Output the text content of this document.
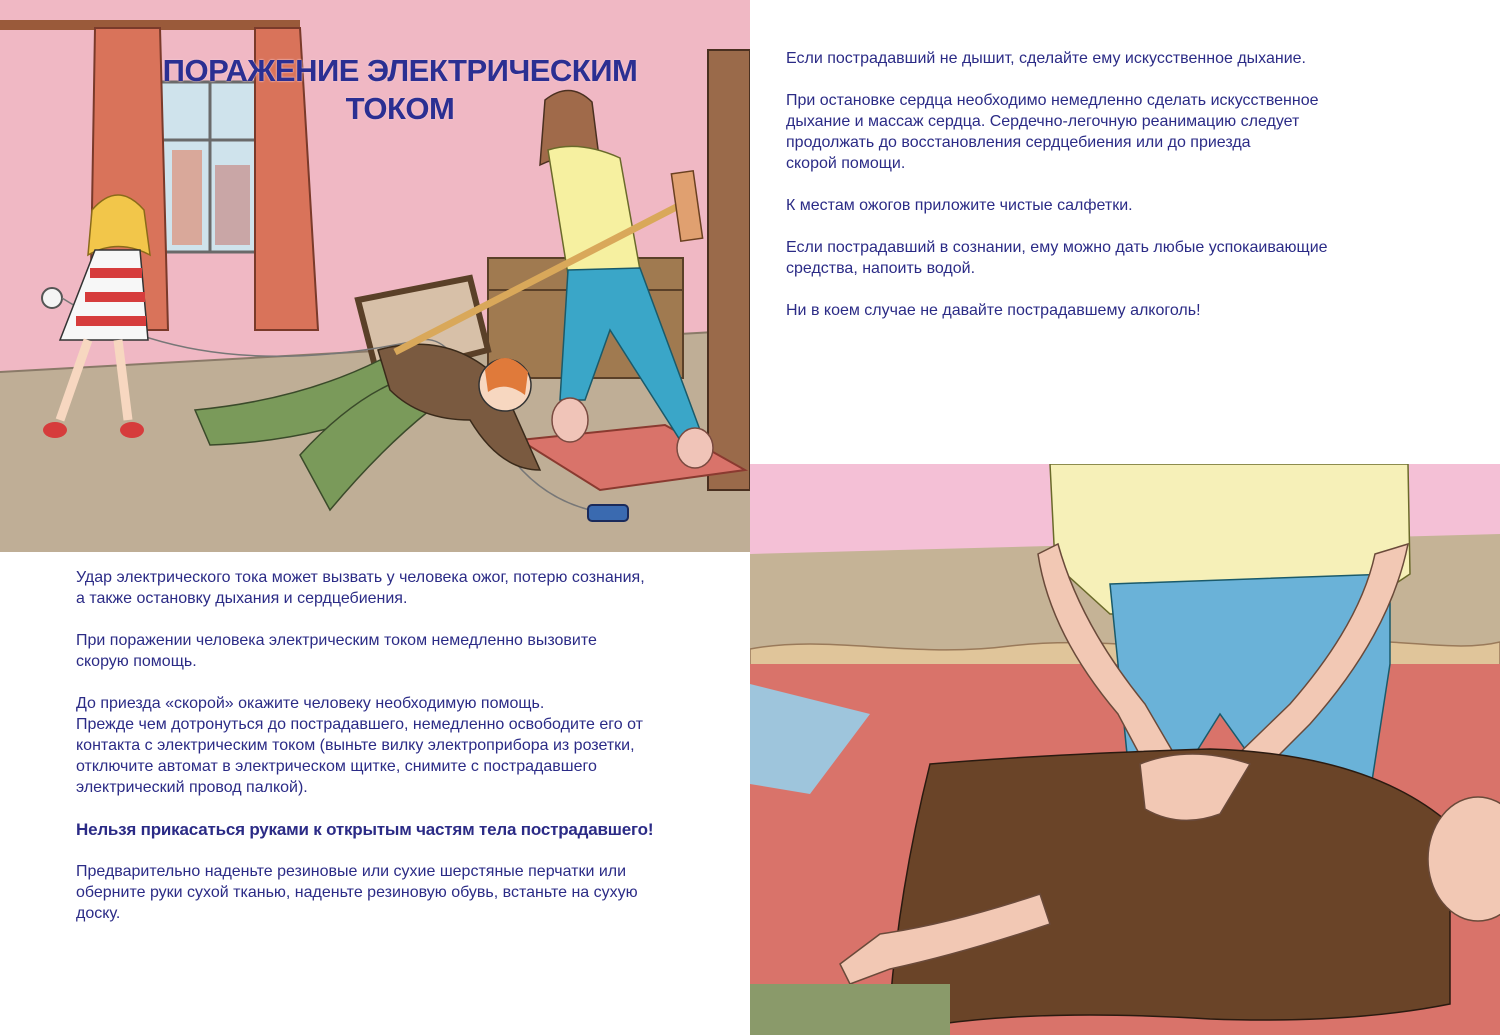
ПОРАЖЕНИЕ ЭЛЕКТРИЧЕСКИМ
ТОКОМ

Если пострадавший не дышит, сделайте ему искусственное дыхание.

При остановке сердца необходимо немедленно сделать искусственное
дыхание и массаж сердца. Сердечно-легочную реанимацию следует
продолжать до восстановления сердцебиения или до приезда
скорой помощи.

К местам ожогов приложите чистые салфетки.

Если пострадавший в сознании, ему можно дать любые успокаивающие
средства, напоить водой.

Ни в коем случае не давайте пострадавшему алкоголь!

Удар электрического тока может вызвать у человека ожог, потерю сознания,
а также остановку дыхания и сердцебиения.

При поражении человека электрическим током немедленно вызовите
скорую помощь.

До приезда «скорой» окажите человеку необходимую помощь.
Прежде чем дотронуться до пострадавшего, немедленно освободите его от
контакта с электрическим током (выньте вилку электроприбора из розетки,
отключите автомат в электрическом щитке, снимите с пострадавшего
электрический провод палкой).

Нельзя прикасаться руками к открытым частям тела пострадавшего!

Предварительно наденьте резиновые или сухие шерстяные перчатки или
оберните руки сухой тканью, наденьте резиновую обувь, встаньте на сухую
доску.
